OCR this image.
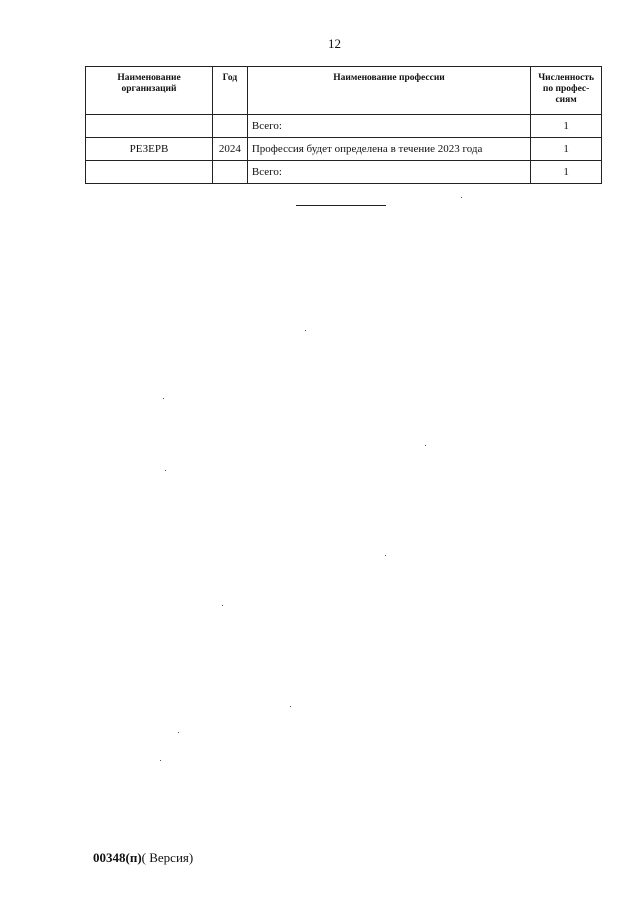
12
Наименование организаций	Год	Наименование профессии	Численность по профес-сиям
		Всего:	1
РЕЗЕРВ	2024	Профессия будет определена в течение 2023 года	1
		Всего:	1
00348(п)( Версия)
